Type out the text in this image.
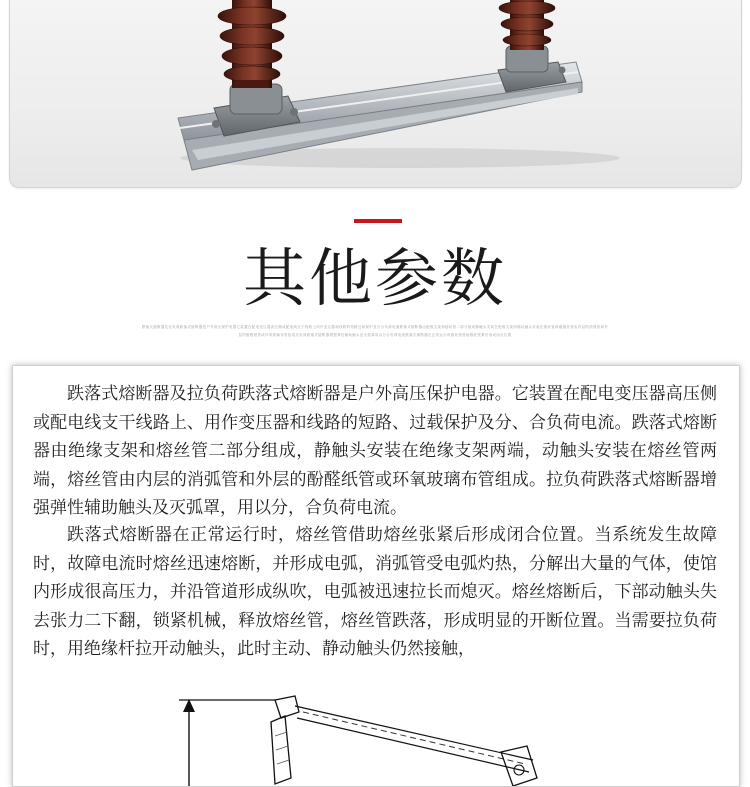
其他参数
跌落式熔断器及拉负荷跌落式熔断器是户外高压保护电器它装置在配电变压器高压侧或配电线支干线路上用作变压器和线路的短路过载保护及分合负荷电流跌落式熔断器由绝缘支架和熔丝管二部分组成静触头安装在绝缘支架两端动触头安装在熔丝管两端熔丝管由内层的消弧管和外层的酚醛纸管或环氧玻璃布管组成拉负荷跌落式熔断器增强弹性辅助触头及灭弧罩用以分合负荷电流跌落式熔断器在正常运行时熔丝管借助熔丝张紧后形成闭合位置

跌落式熔断器及拉负荷跌落式熔断器是户外高压保护电器。它装置在配电变压器高压侧或配电线支干线路上、用作变压器和线路的短路、过载保护及分、合负荷电流。跌落式熔断器由绝缘支架和熔丝管二部分组成，静触头安装在绝缘支架两端，动触头安装在熔丝管两端，熔丝管由内层的消弧管和外层的酚醛纸管或环氧玻璃布管组成。拉负荷跌落式熔断器增强弹性辅助触头及灭弧罩，用以分，合负荷电流。

跌落式熔断器在正常运行时，熔丝管借助熔丝张紧后形成闭合位置。当系统发生故障时，故障电流时熔丝迅速熔断，并形成电弧，消弧管受电弧灼热，分解出大量的气体，使馆内形成很高压力，并沿管道形成纵吹，电弧被迅速拉长而熄灭。熔丝熔断后，下部动触头失去张力二下翻，锁紧机械，释放熔丝管，熔丝管跌落，形成明显的开断位置。当需要拉负荷时，用绝缘杆拉开动触头，此时主动、静动触头仍然接触，
